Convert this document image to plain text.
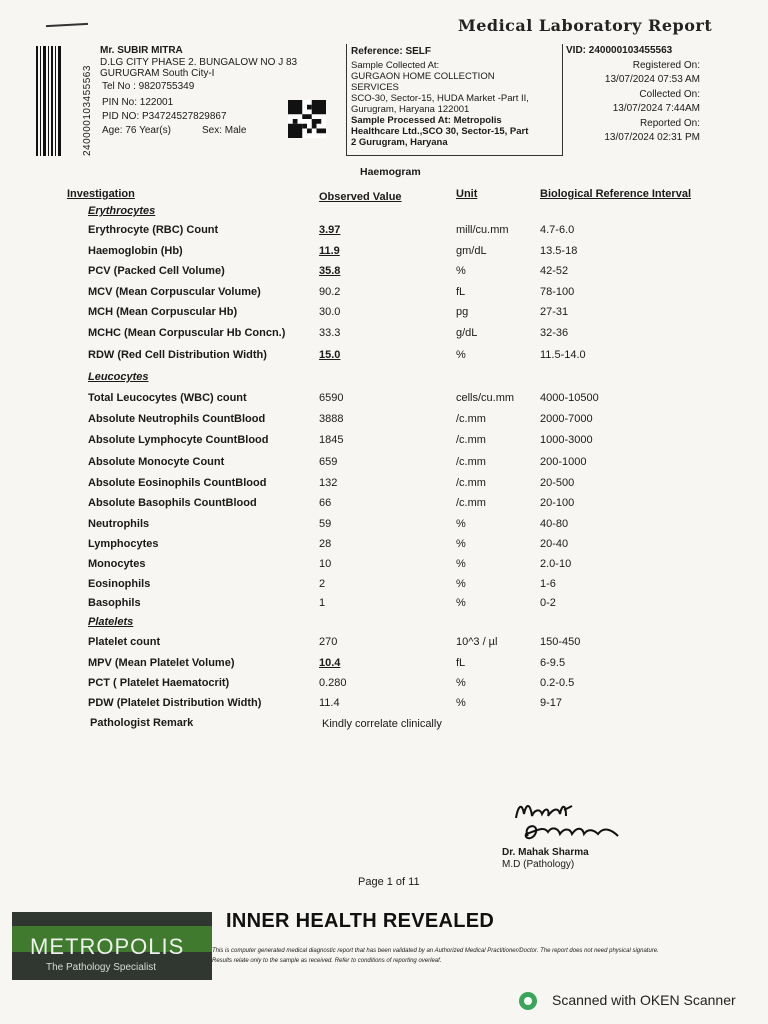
Medical Laboratory Report
240000103455563
Mr. SUBIR MITRA
D.LG CITY PHASE 2. BUNGALOW NO J 83
GURUGRAM South City-I
Tel No : 9820755349
PIN No: 122001
PID NO: P34724527829867
Age: 76 Year(s)	Sex: Male
Reference: SELF
Sample Collected At:
GURGAON HOME COLLECTION
SERVICES
SCO-30, Sector-15, HUDA Market -Part II,
Gurugram, Haryana 122001
Sample Processed At: Metropolis
Healthcare Ltd.,SCO 30, Sector-15, Part
2 Gurugram, Haryana
VID: 240000103455563
Registered On:
13/07/2024 07:53 AM
Collected On:
13/07/2024 7:44AM
Reported On:
13/07/2024 02:31 PM
Haemogram
Investigation	Observed Value	Unit	Biological Reference Interval
Erythrocytes
Leucocytes
Platelets
Erythrocyte (RBC) Count	3.97	mill/cu.mm	4.7-6.0
Haemoglobin (Hb)	11.9	gm/dL	13.5-18
PCV (Packed Cell Volume)	35.8	%	42-52
MCV (Mean Corpuscular Volume)	90.2	fL	78-100
MCH (Mean Corpuscular Hb)	30.0	pg	27-31
MCHC (Mean Corpuscular Hb Concn.)	33.3	g/dL	32-36
RDW (Red Cell Distribution Width)	15.0	%	11.5-14.0
Total Leucocytes (WBC) count	6590	cells/cu.mm 4000-10500
Absolute Neutrophils CountBlood	3888	/c.mm	2000-7000
Absolute Lymphocyte CountBlood	1845	/c.mm	1000-3000
Absolute Monocyte Count	659	/c.mm	200-1000
Absolute Eosinophils CountBlood	132	/c.mm	20-500
Absolute Basophils CountBlood	66	/c.mm	20-100
Neutrophils	59	%	40-80
Lymphocytes	28	%	20-40
Monocytes	10	%	2.0-10
Eosinophils	2	%	1-6
Basophils	1	%	0-2
Platelet count	270	10^3 / µl	150-450
MPV (Mean Platelet Volume)	10.4	fL	6-9.5
PCT ( Platelet Haematocrit)	0.280	%	0.2-0.5
PDW (Platelet Distribution Width)	11.4	%	9-17
Pathologist Remark	Kindly correlate clinically
Dr. Mahak Sharma
M.D (Pathology)
Page 1 of 11
METROPOLIS
The Pathology Specialist
INNER HEALTH REVEALED
This is computer generated medical diagnostic report that has been validated by an Authorized Medical Practitioner/Doctor. The report does not need physical signature.
Results relate only to the sample as received. Refer to conditions of reporting overleaf.
Scanned with OKEN Scanner
